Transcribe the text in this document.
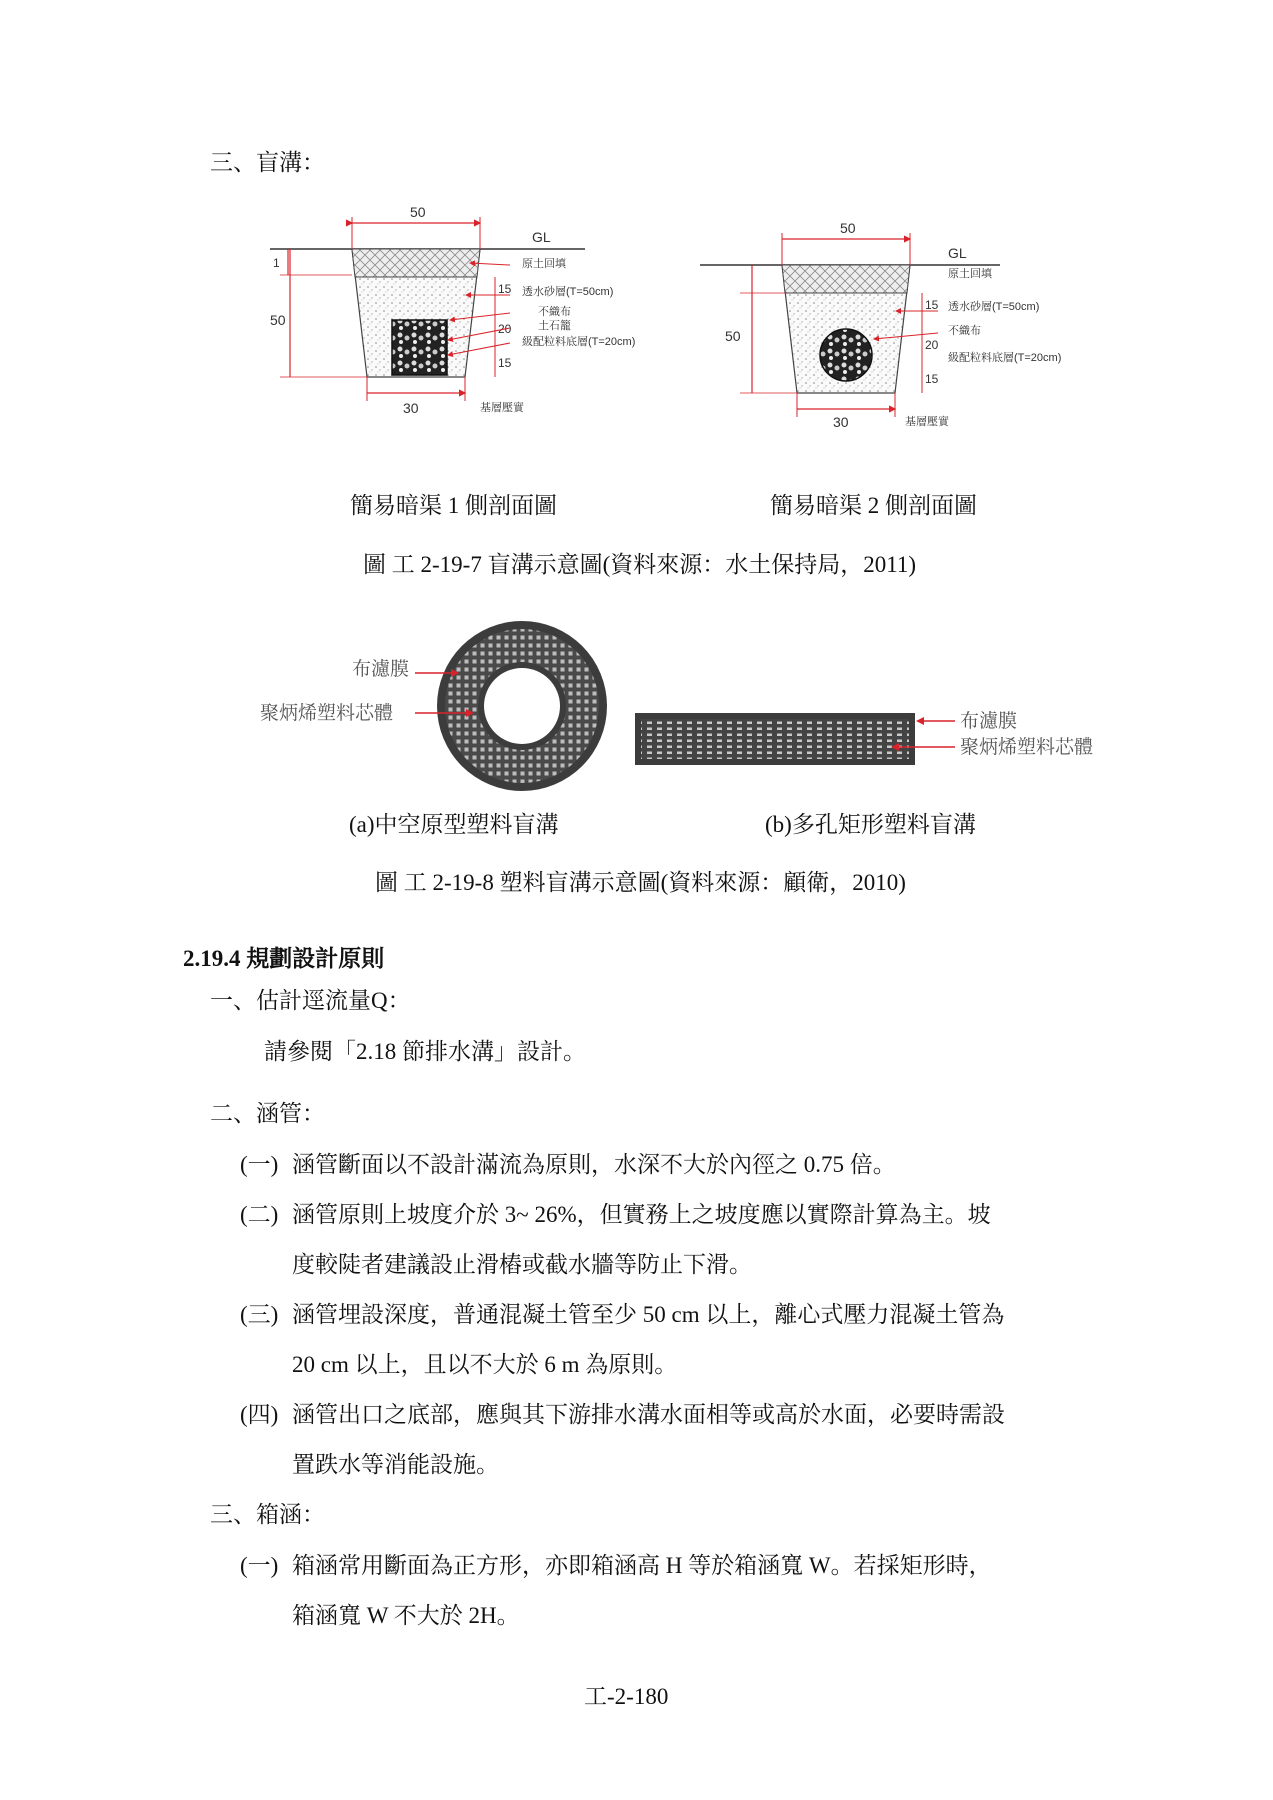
三、盲溝：
50
GL
1
50
30	基層壓實
15
20
15
原土回填
透水砂層(T=50cm)
不織布
土石籠
級配粒料底層(T=20cm)
50
GL
50
30	基層壓實
15
20
15
原土回填
透水砂層(T=50cm)
不織布
級配粒料底層(T=20cm)
簡易暗渠 1 側剖面圖	簡易暗渠 2 側剖面圖
圖 工 2-19-7 盲溝示意圖(資料來源：水土保持局，2011)
布濾膜
聚炳烯塑料芯體	布濾膜
聚炳烯塑料芯體
(a)中空原型塑料盲溝	(b)多孔矩形塑料盲溝
圖 工 2-19-8 塑料盲溝示意圖(資料來源：顧衛，2010)
2.19.4 規劃設計原則
一、估計逕流量Q：
請參閱「2.18 節排水溝」設計。
二、涵管：
(一) 涵管斷面以不設計滿流為原則，水深不大於內徑之 0.75 倍。
(二) 涵管原則上坡度介於 3~ 26%，但實務上之坡度應以實際計算為主。坡
度較陡者建議設止滑樁或截水牆等防止下滑。
(三) 涵管埋設深度，普通混凝土管至少 50 cm 以上，離心式壓力混凝土管為
20 cm 以上，且以不大於 6 m 為原則。
(四) 涵管出口之底部，應與其下游排水溝水面相等或高於水面，必要時需設
置跌水等消能設施。
三、箱涵：
(一) 箱涵常用斷面為正方形，亦即箱涵高 H 等於箱涵寬 W。若採矩形時，
箱涵寬 W 不大於 2H。
工-2-180
